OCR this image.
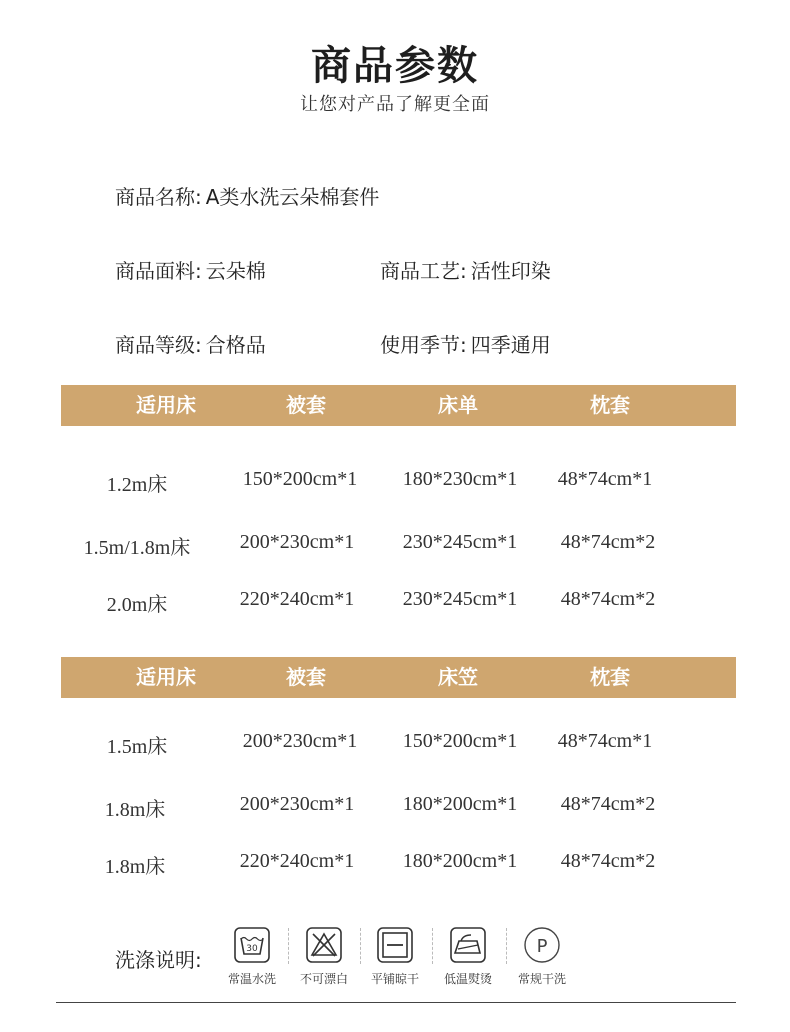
商品参数
让您对产品了解更全面
商品名称: A类水洗云朵棉套件
商品面料: 云朵棉	商品工艺: 活性印染
商品等级: 合格品	使用季节: 四季通用
适用床	被套	床单	枕套
1.2m床	150*200cm*1	180*230cm*1	48*74cm*1
1.5m/1.8m床	200*230cm*1	230*245cm*1	48*74cm*2
2.0m床	220*240cm*1	230*245cm*1	48*74cm*2
适用床	被套	床笠	枕套
1.5m床	200*230cm*1	150*200cm*1	48*74cm*1
1.8m床	200*230cm*1	180*200cm*1	48*74cm*2
1.8m床	220*240cm*1	180*200cm*1	48*74cm*2
洗涤说明:	30
常温水洗	不可漂白	平铺晾干	低温熨烫
P
常规干洗
